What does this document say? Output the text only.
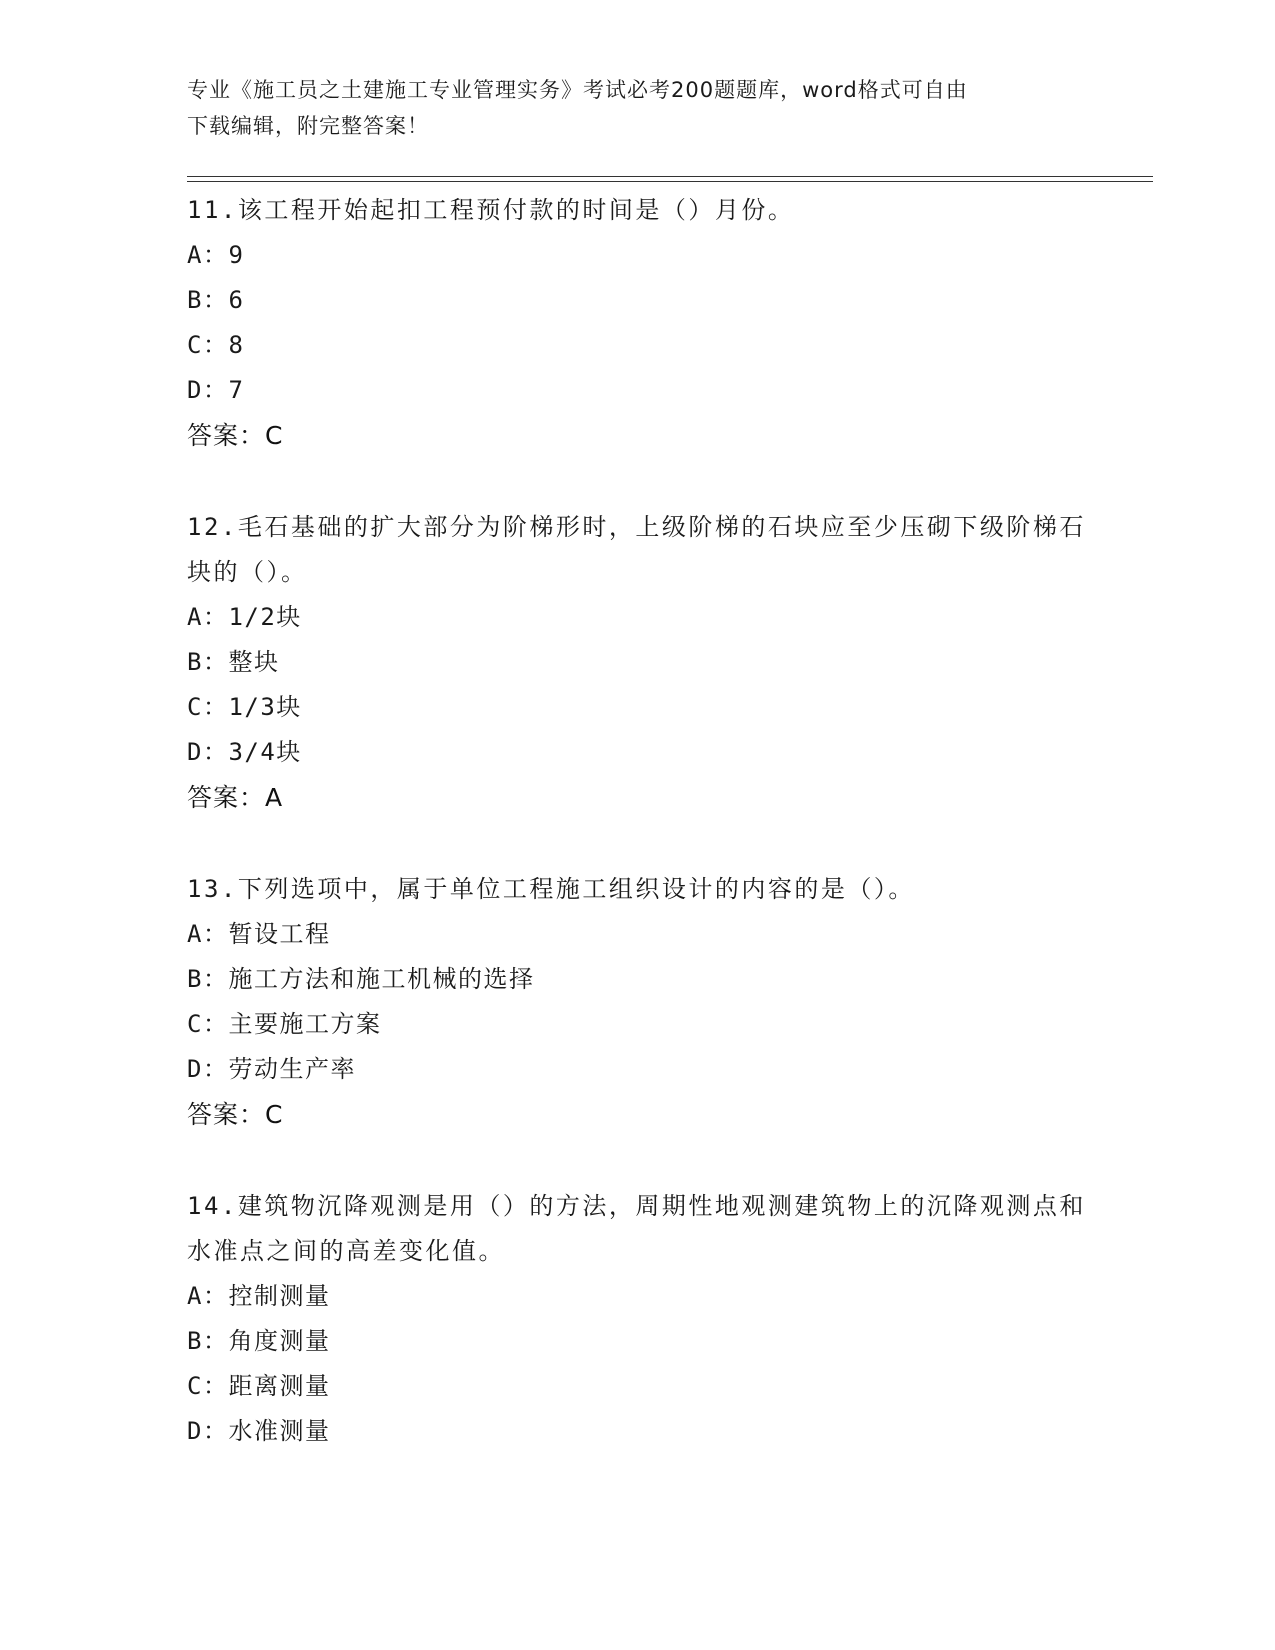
专业《施工员之土建施工专业管理实务》考试必考200题题库，word格式可自由
下载编辑，附完整答案！

11.该工程开始起扣工程预付款的时间是（）月份。

A：9

B：6

C：8

D：7

答案：C

12.毛石基础的扩大部分为阶梯形时，上级阶梯的石块应至少压砌下级阶梯石块的（）。

A：1/2块

B：整块

C：1/3块

D：3/4块

答案：A

13.下列选项中，属于单位工程施工组织设计的内容的是（）。

A：暂设工程

B：施工方法和施工机械的选择

C：主要施工方案

D：劳动生产率

答案：C

14.建筑物沉降观测是用（）的方法，周期性地观测建筑物上的沉降观测点和水准点之间的高差变化值。

A：控制测量

B：角度测量

C：距离测量

D：水准测量
